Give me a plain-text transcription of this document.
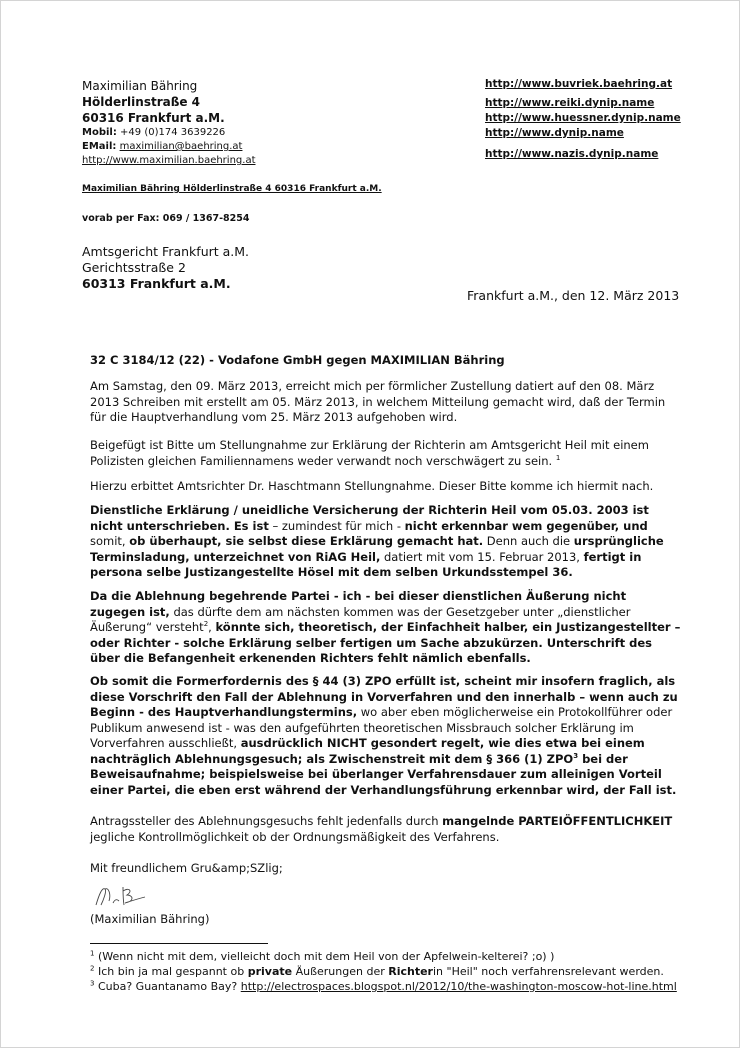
Maximilian Bähring
Hölderlinstraße 4
60316 Frankfurt a.M.
Mobil: +49 (0)174 3639226
EMail: maximilian@baehring.at
http://www.maximilian.baehring.at
http://www.buvriek.baehring.at
http://www.reiki.dynip.name
http://www.huessner.dynip.name
http://www.dynip.name
http://www.nazis.dynip.name
Maximilian Bähring Hölderlinstraße 4 60316 Frankfurt a.M.
vorab per Fax: 069 / 1367-8254
Amtsgericht Frankfurt a.M.
Gerichtsstraße 2
60313 Frankfurt a.M.
Frankfurt a.M., den 12. März 2013
32 C 3184/12 (22) - Vodafone GmbH gegen MAXIMILIAN Bähring

Am Samstag, den 09. März 2013, erreicht mich per förmlicher Zustellung datiert auf den 08. März 2013 Schreiben mit erstellt am 05. März 2013, in welchem Mitteilung gemacht wird, daß der Termin für die Hauptverhandlung vom 25. März 2013 aufgehoben wird.

Beigefügt ist Bitte um Stellungnahme zur Erklärung der Richterin am Amtsgericht Heil mit einem Polizisten gleichen Familiennamens weder verwandt noch verschwägert zu sein. $^1$

Hierzu erbittet Amtsrichter Dr. Haschtmann Stellungnahme. Dieser Bitte komme ich hiermit nach.

Dienstliche Erklärung / uneidliche Versicherung der Richterin Heil vom 05.03. 2003 ist nicht unterschrieben. Es ist – zumindest für mich - nicht erkennbar wem gegenüber, und somit, ob überhaupt, sie selbst diese Erklärung gemacht hat. Denn auch die ursprüngliche Terminsladung, unterzeichnet von RiAG Heil, datiert mit vom 15. Februar 2013, fertigt in persona selbe Justizangestellte Hösel mit dem selben Urkundsstempel 36.

Da die Ablehnung begehrende Partei - ich - bei dieser dienstlichen Äußerung nicht zugegen ist, das dürfte dem am nächsten kommen was der Gesetzgeber unter „dienstlicher Äußerung“ versteht$^2$, könnte sich, theoretisch, der Einfachheit halber, ein Justizangestellter – oder Richter - solche Erklärung selber fertigen um Sache abzukürzen. Unterschrift des über die Befangenheit erkenenden Richters fehlt nämlich ebenfalls.

Ob somit die Formerfordernis des § 44 (3) ZPO erfüllt ist, scheint mir insofern fraglich, als diese Vorschrift den Fall der Ablehnung in Vorverfahren und den innerhalb – wenn auch zu Beginn - des Hauptverhandlungstermins, wo aber eben möglicherweise ein Protokollführer oder Publikum anwesend ist - was den aufgeführten theoretischen Missbrauch solcher Erklärung im Vorverfahren ausschließt, ausdrücklich NICHT gesondert regelt, wie dies etwa bei einem nachträglich Ablehnungsgesuch; als Zwischenstreit mit dem § 366 (1) ZPO$^3$ bei der Beweisaufnahme; beispielsweise bei überlanger Verfahrensdauer zum alleinigen Vorteil einer Partei, die eben erst während der Verhandlungsführung erkennbar wird, der Fall ist.

Antragssteller des Ablehnungsgesuchs fehlt jedenfalls durch mangelnde PARTEIÖFFENTLICHKEIT jegliche Kontrollmöglichkeit ob der Ordnungsmäßigkeit des Verfahrens.

Mit freundlichem Gru&amp;SZlig;
(Maximilian Bähring)
$^1$ (Wenn nicht mit dem, vielleicht doch mit dem Heil von der Apfelwein-kelterei? ;o) )
$^2$ Ich bin ja mal gespannt ob private Äußerungen der Richterin "Heil" noch verfahrensrelevant werden.
$^3$ Cuba? Guantanamo Bay? http://electrospaces.blogspot.nl/2012/10/the-washington-moscow-hot-line.html
